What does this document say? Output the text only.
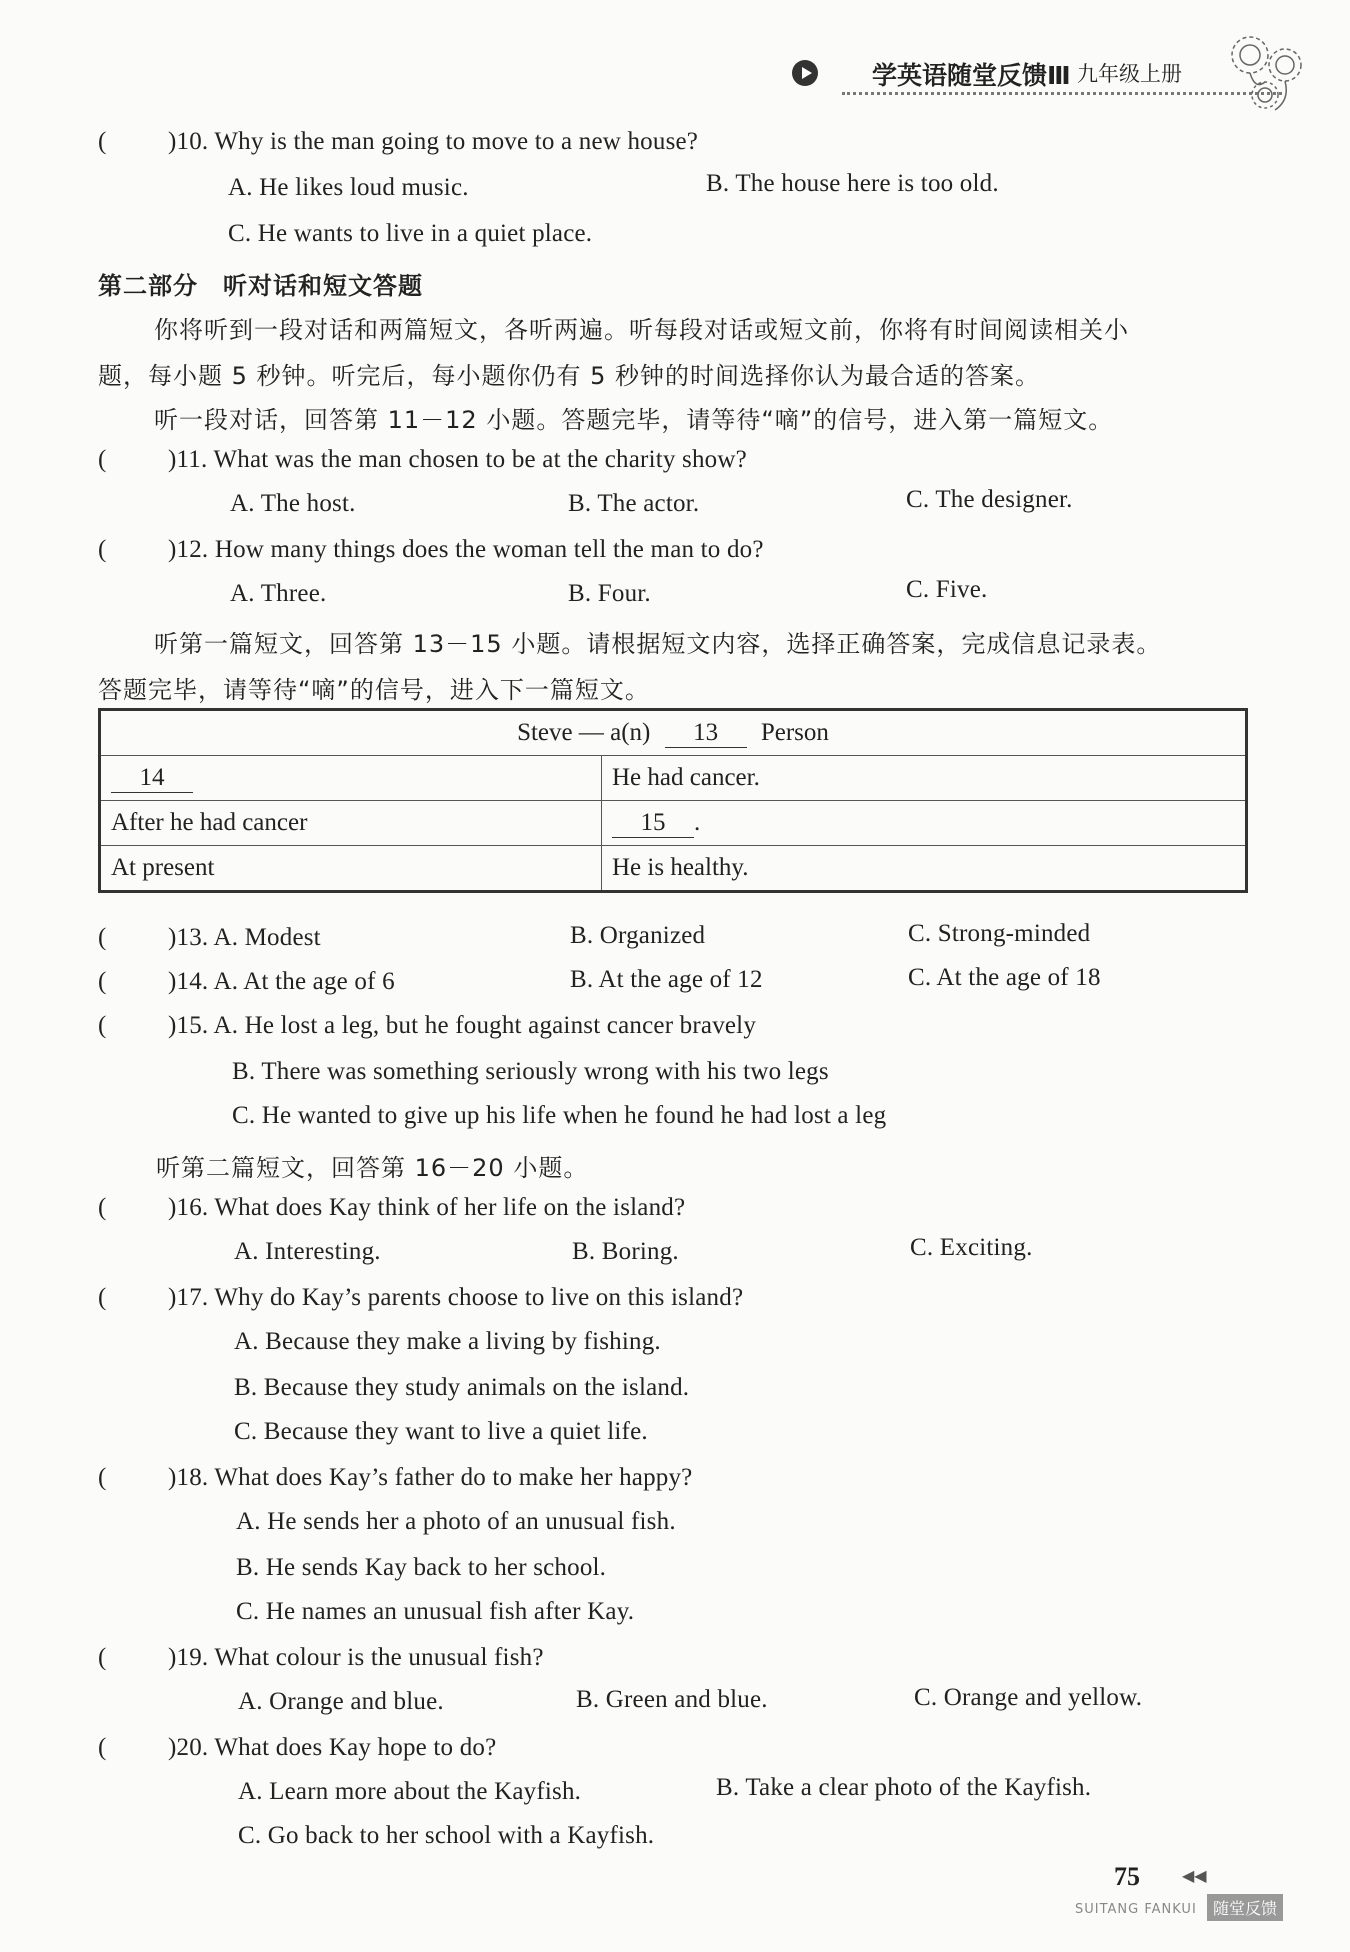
学英语随堂反馈Ⅲ 九年级上册
( )10. Why is the man going to move to a new house?
A. He likes loud music.	B. The house here is too old.
C. He wants to live in a quiet place.
第二部分　听对话和短文答题
你将听到一段对话和两篇短文，各听两遍。听每段对话或短文前，你将有时间阅读相关小
题，每小题 5 秒钟。听完后，每小题你仍有 5 秒钟的时间选择你认为最合适的答案。
听一段对话，回答第 11－12 小题。答题完毕，请等待“嘀”的信号，进入第一篇短文。
( )11. What was the man chosen to be at the charity show?
A. The host.	B. The actor.	C. The designer.
( )12. How many things does the woman tell the man to do?
A. Three.	B. Four.	C. Five.
听第一篇短文，回答第 13－15 小题。请根据短文内容，选择正确答案，完成信息记录表。
答题完毕，请等待“嘀”的信号，进入下一篇短文。
Steve — a(n) 13 Person	
14	He had cancer.
After he had cancer	15 .
At present	He is healthy.
( )13. A. Modest	B. Organized	C. Strong-minded
( )14. A. At the age of 6	B. At the age of 12	C. At the age of 18
( )15. A. He lost a leg, but he fought against cancer bravely
B. There was something seriously wrong with his two legs
C. He wanted to give up his life when he found he had lost a leg
听第二篇短文，回答第 16－20 小题。
( )16. What does Kay think of her life on the island?
A. Interesting.	B. Boring.	C. Exciting.
( )17. Why do Kay’s parents choose to live on this island?
A. Because they make a living by fishing.
B. Because they study animals on the island.
C. Because they want to live a quiet life.
( )18. What does Kay’s father do to make her happy?
A. He sends her a photo of an unusual fish.
B. He sends Kay back to her school.
C. He names an unusual fish after Kay.
( )19. What colour is the unusual fish?
A. Orange and blue.	B. Green and blue.	C. Orange and yellow.
( )20. What does Kay hope to do?
A. Learn more about the Kayfish.	B. Take a clear photo of the Kayfish.
C. Go back to her school with a Kayfish.
75	◀◀
SUITANG FANKUI	随堂反馈
